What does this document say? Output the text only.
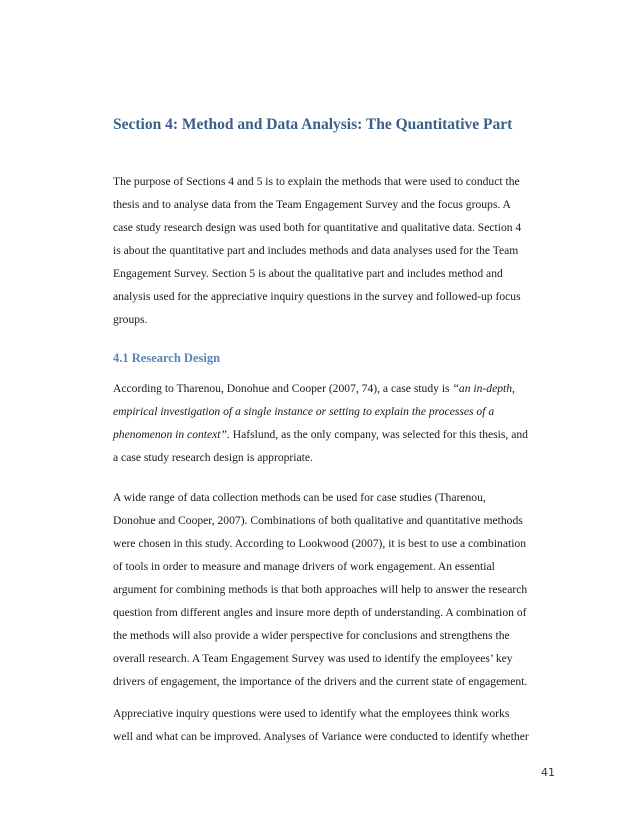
Section 4: Method and Data Analysis: The Quantitative Part

The purpose of Sections 4 and 5 is to explain the methods that were used to conduct the
thesis and to analyse data from the Team Engagement Survey and the focus groups. A
case study research design was used both for quantitative and qualitative data. Section 4
is about the quantitative part and includes methods and data analyses used for the Team
Engagement Survey. Section 5 is about the qualitative part and includes method and
analysis used for the appreciative inquiry questions in the survey and followed-up focus
groups.

4.1 Research Design

According to Tharenou, Donohue and Cooper (2007, 74), a case study is “an in-depth,
empirical investigation of a single instance or setting to explain the processes of a
phenomenon in context”. Hafslund, as the only company, was selected for this thesis, and
a case study research design is appropriate.

A wide range of data collection methods can be used for case studies (Tharenou,
Donohue and Cooper, 2007). Combinations of both qualitative and quantitative methods
were chosen in this study. According to Lookwood (2007), it is best to use a combination
of tools in order to measure and manage drivers of work engagement. An essential
argument for combining methods is that both approaches will help to answer the research
question from different angles and insure more depth of understanding. A combination of
the methods will also provide a wider perspective for conclusions and strengthens the
overall research. A Team Engagement Survey was used to identify the employees’ key
drivers of engagement, the importance of the drivers and the current state of engagement.

Appreciative inquiry questions were used to identify what the employees think works
well and what can be improved. Analyses of Variance were conducted to identify whether

41
